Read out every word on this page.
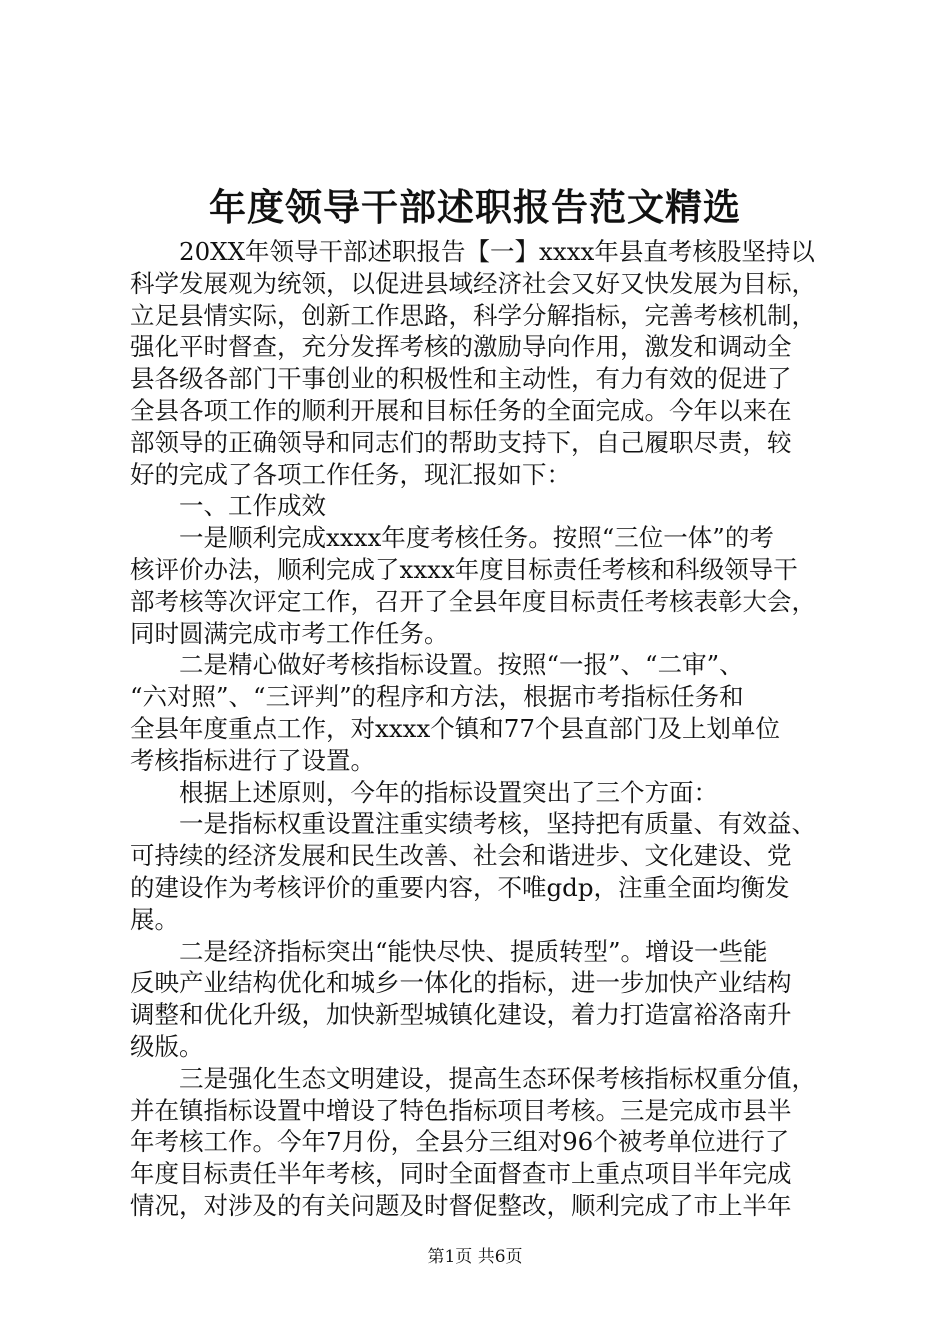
年度领导干部述职报告范文精选
20XX年领导干部述职报告【一】xxxx年县直考核股坚持以
科学发展观为统领，以促进县域经济社会又好又快发展为目标，
立足县情实际，创新工作思路，科学分解指标，完善考核机制，
强化平时督查，充分发挥考核的激励导向作用，激发和调动全
县各级各部门干事创业的积极性和主动性，有力有效的促进了
全县各项工作的顺利开展和目标任务的全面完成。今年以来在
部领导的正确领导和同志们的帮助支持下，自己履职尽责，较
好的完成了各项工作任务，现汇报如下：
一、工作成效
一是顺利完成xxxx年度考核任务。按照“三位一体”的考
核评价办法，顺利完成了xxxx年度目标责任考核和科级领导干
部考核等次评定工作，召开了全县年度目标责任考核表彰大会，
同时圆满完成市考工作任务。
二是精心做好考核指标设置。按照“一报”、“二审”、
“六对照”、“三评判”的程序和方法，根据市考指标任务和
全县年度重点工作，对xxxx个镇和77个县直部门及上划单位
考核指标进行了设置。
根据上述原则，今年的指标设置突出了三个方面：
一是指标权重设置注重实绩考核，坚持把有质量、有效益、
可持续的经济发展和民生改善、社会和谐进步、文化建设、党
的建设作为考核评价的重要内容，不唯gdp，注重全面均衡发
展。
二是经济指标突出“能快尽快、提质转型”。增设一些能
反映产业结构优化和城乡一体化的指标，进一步加快产业结构
调整和优化升级，加快新型城镇化建设，着力打造富裕洛南升
级版。
三是强化生态文明建设，提高生态环保考核指标权重分值，
并在镇指标设置中增设了特色指标项目考核。三是完成市县半
年考核工作。今年7月份，全县分三组对96个被考单位进行了
年度目标责任半年考核，同时全面督查市上重点项目半年完成
情况，对涉及的有关问题及时督促整改，顺利完成了市上半年
第1页 共6页
